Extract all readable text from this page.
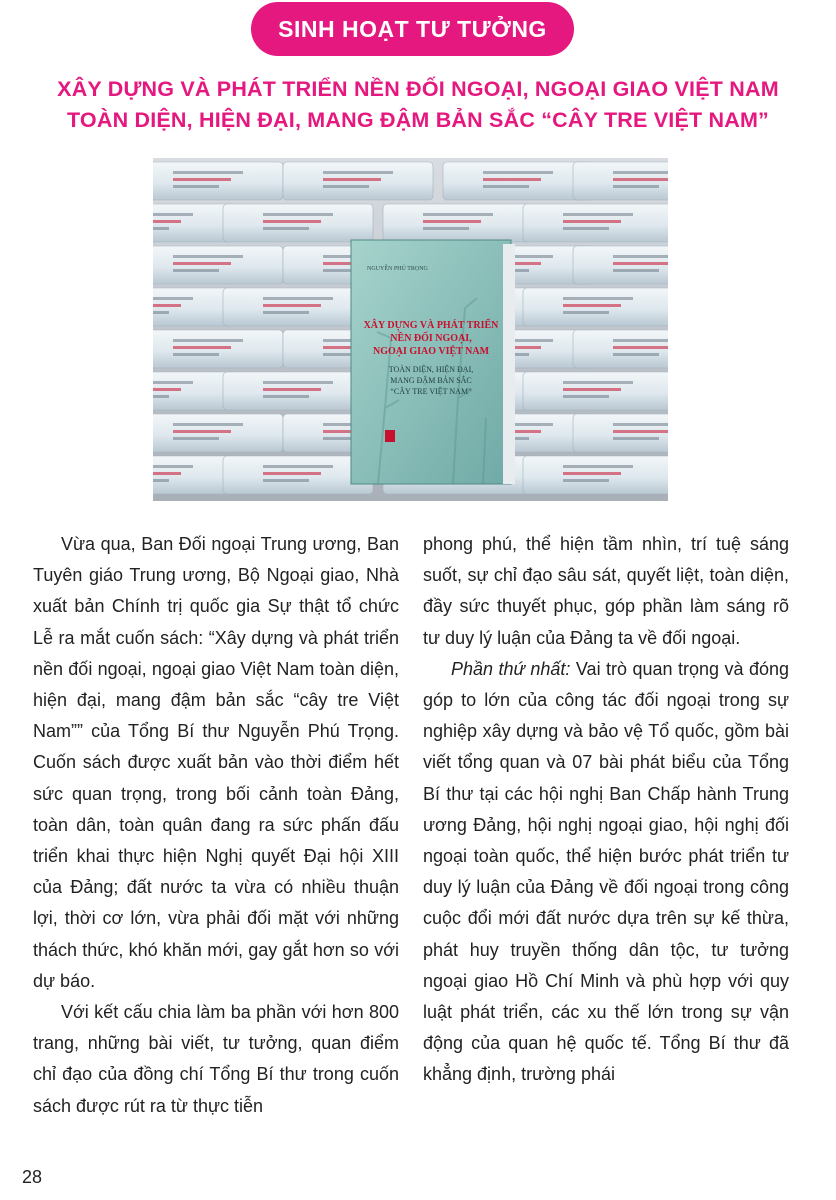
SINH HOẠT TƯ TƯỞNG
XÂY DỰNG VÀ PHÁT TRIỂN NỀN ĐỐI NGOẠI, NGOẠI GIAO VIỆT NAM
TOÀN DIỆN, HIỆN ĐẠI, MANG ĐẬM BẢN SẮC “CÂY TRE VIỆT NAM”
NGUYỄN PHÚ TRỌNG
XÂY DỰNG VÀ PHÁT TRIỂN
NỀN ĐỐI NGOẠI,
NGOẠI GIAO VIỆT NAM
TOÀN DIỆN, HIỆN ĐẠI,
MANG ĐẬM BẢN SẮC
“CÂY TRE VIỆT NAM”

Vừa qua, Ban Đối ngoại Trung ương, Ban Tuyên giáo Trung ương, Bộ Ngoại giao, Nhà xuất bản Chính trị quốc gia Sự thật tổ chức Lễ ra mắt cuốn sách: “Xây dựng và phát triển nền đối ngoại, ngoại giao Việt Nam toàn diện, hiện đại, mang đậm bản sắc “cây tre Việt Nam”” của Tổng Bí thư Nguyễn Phú Trọng. Cuốn sách được xuất bản vào thời điểm hết sức quan trọng, trong bối cảnh toàn Đảng, toàn dân, toàn quân đang ra sức phấn đấu triển khai thực hiện Nghị quyết Đại hội XIII của Đảng; đất nước ta vừa có nhiều thuận lợi, thời cơ lớn, vừa phải đối mặt với những thách thức, khó khăn mới, gay gắt hơn so với dự báo.

Với kết cấu chia làm ba phần với hơn 800 trang, những bài viết, tư tưởng, quan điểm chỉ đạo của đồng chí Tổng Bí thư trong cuốn sách được rút ra từ thực tiễn

phong phú, thể hiện tầm nhìn, trí tuệ sáng suốt, sự chỉ đạo sâu sát, quyết liệt, toàn diện, đầy sức thuyết phục, góp phần làm sáng rõ tư duy lý luận của Đảng ta về đối ngoại.

Phần thứ nhất: Vai trò quan trọng và đóng góp to lớn của công tác đối ngoại trong sự nghiệp xây dựng và bảo vệ Tổ quốc, gồm bài viết tổng quan và 07 bài phát biểu của Tổng Bí thư tại các hội nghị Ban Chấp hành Trung ương Đảng, hội nghị ngoại giao, hội nghị đối ngoại toàn quốc, thể hiện bước phát triển tư duy lý luận của Đảng về đối ngoại trong công cuộc đổi mới đất nước dựa trên sự kế thừa, phát huy truyền thống dân tộc, tư tưởng ngoại giao Hồ Chí Minh và phù hợp với quy luật phát triển, các xu thế lớn trong sự vận động của quan hệ quốc tế. Tổng Bí thư đã khẳng định, trường phái

28
